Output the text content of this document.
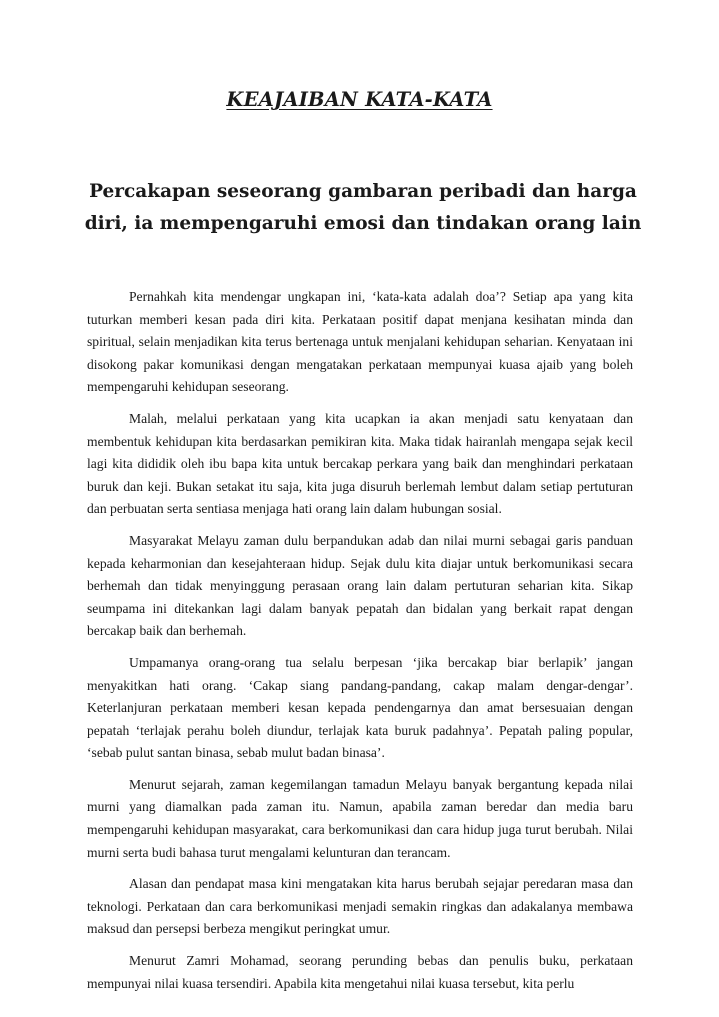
KEAJAIBAN KATA-KATA
Percakapan seseorang gambaran peribadi dan harga diri, ia mempengaruhi emosi dan tindakan orang lain

Pernahkah kita mendengar ungkapan ini, ‘kata-kata adalah doa’? Setiap apa yang kita tuturkan memberi kesan pada diri kita. Perkataan positif dapat menjana kesihatan minda dan spiritual, selain menjadikan kita terus bertenaga untuk menjalani kehidupan seharian. Kenyataan ini disokong pakar komunikasi dengan mengatakan perkataan mempunyai kuasa ajaib yang boleh mempengaruhi kehidupan seseorang.

Malah, melalui perkataan yang kita ucapkan ia akan menjadi satu kenyataan dan membentuk kehidupan kita berdasarkan pemikiran kita. Maka tidak hairanlah mengapa sejak kecil lagi kita dididik oleh ibu bapa kita untuk bercakap perkara yang baik dan menghindari perkataan buruk dan keji. Bukan setakat itu saja, kita juga disuruh berlemah lembut dalam setiap pertuturan dan perbuatan serta sentiasa menjaga hati orang lain dalam hubungan sosial.

Masyarakat Melayu zaman dulu berpandukan adab dan nilai murni sebagai garis panduan kepada keharmonian dan kesejahteraan hidup. Sejak dulu kita diajar untuk berkomunikasi secara berhemah dan tidak menyinggung perasaan orang lain dalam pertuturan seharian kita. Sikap seumpama ini ditekankan lagi dalam banyak pepatah dan bidalan yang berkait rapat dengan bercakap baik dan berhemah.

Umpamanya orang-orang tua selalu berpesan ‘jika bercakap biar berlapik’ jangan menyakitkan hati orang. ‘Cakap siang pandang-pandang, cakap malam dengar-dengar’. Keterlanjuran perkataan memberi kesan kepada pendengarnya dan amat bersesuaian dengan pepatah ‘terlajak perahu boleh diundur, terlajak kata buruk padahnya’. Pepatah paling popular, ‘sebab pulut santan binasa, sebab mulut badan binasa’.

Menurut sejarah, zaman kegemilangan tamadun Melayu banyak bergantung kepada nilai murni yang diamalkan pada zaman itu. Namun, apabila zaman beredar dan media baru mempengaruhi kehidupan masyarakat, cara berkomunikasi dan cara hidup juga turut berubah. Nilai murni serta budi bahasa turut mengalami kelunturan dan terancam.

Alasan dan pendapat masa kini mengatakan kita harus berubah sejajar peredaran masa dan teknologi. Perkataan dan cara berkomunikasi menjadi semakin ringkas dan adakalanya membawa maksud dan persepsi berbeza mengikut peringkat umur.

Menurut Zamri Mohamad, seorang perunding bebas dan penulis buku, perkataan mempunyai nilai kuasa tersendiri. Apabila kita mengetahui nilai kuasa tersebut, kita perlu
